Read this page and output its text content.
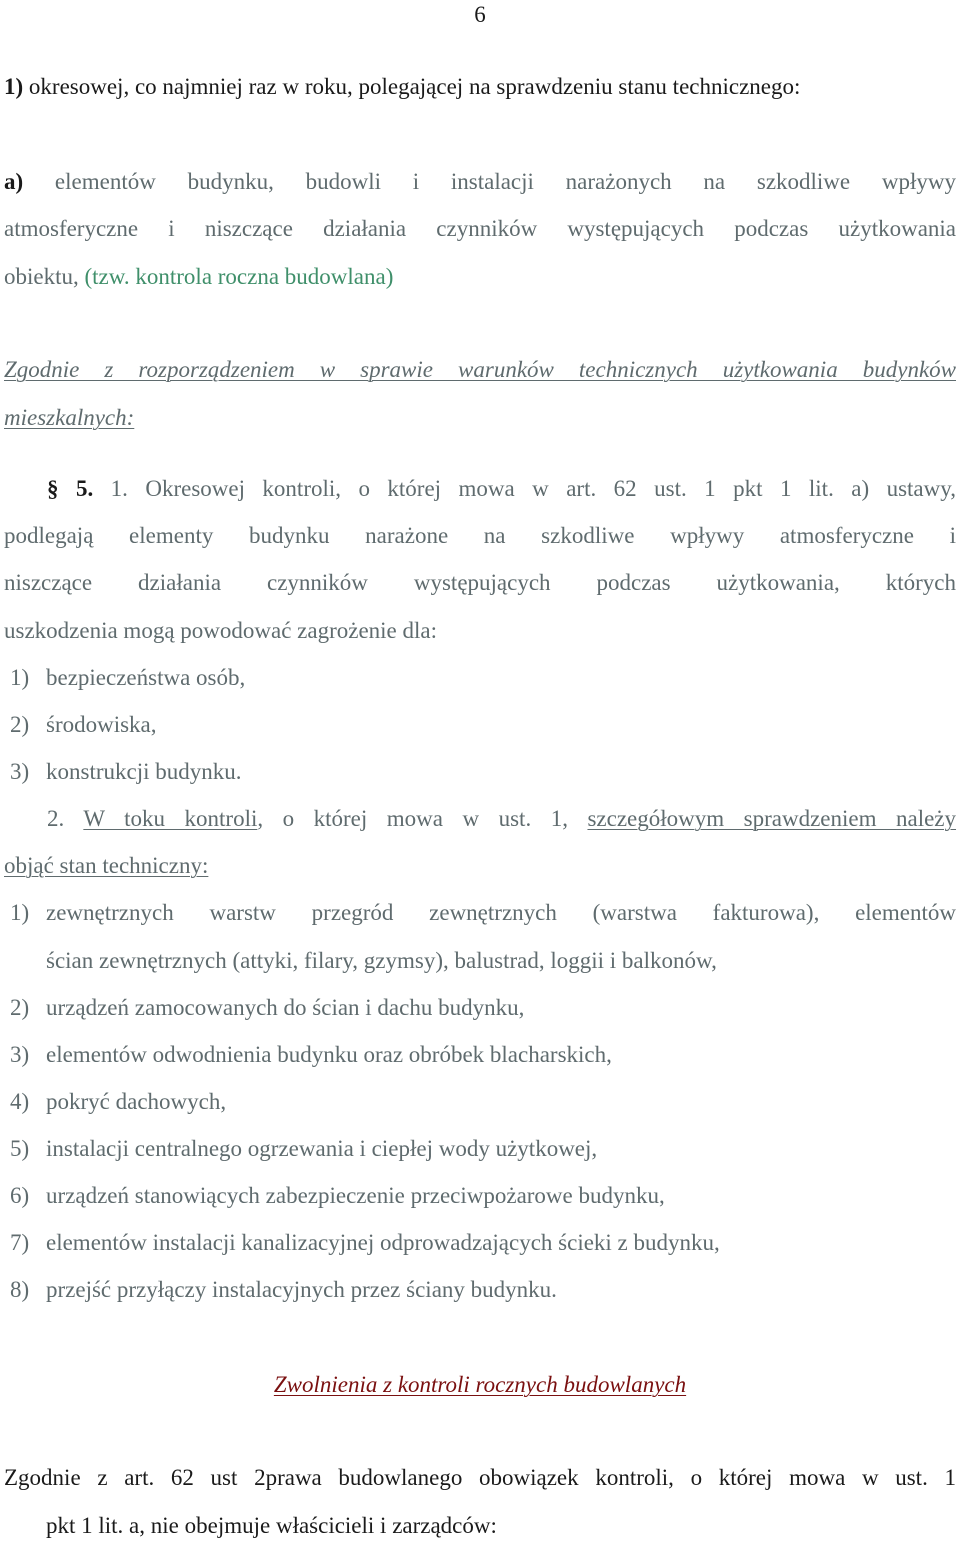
6
1) okresowej, co najmniej raz w roku, polegającej na sprawdzeniu stanu technicznego:
a) elementów budynku, budowli i instalacji narażonych na szkodliwe wpływy
atmosferyczne i niszczące działania czynników występujących podczas użytkowania
obiektu, (tzw. kontrola roczna budowlana)
Zgodnie z rozporządzeniem w sprawie warunków technicznych użytkowania budynków
mieszkalnych:
§ 5. 1. Okresowej kontroli, o której mowa w art. 62 ust. 1 pkt 1 lit. a) ustawy,
podlegają elementy budynku narażone na szkodliwe wpływy atmosferyczne i
niszczące działania czynników występujących podczas użytkowania, których
uszkodzenia mogą powodować zagrożenie dla:
1) bezpieczeństwa osób,
2) środowiska,
3) konstrukcji budynku.
2. W toku kontroli, o której mowa w ust. 1, szczegółowym sprawdzeniem należy
objąć stan techniczny:
1) zewnętrznych warstw przegród zewnętrznych (warstwa fakturowa), elementów
ścian zewnętrznych (attyki, filary, gzymsy), balustrad, loggii i balkonów,
2) urządzeń zamocowanych do ścian i dachu budynku,
3) elementów odwodnienia budynku oraz obróbek blacharskich,
4) pokryć dachowych,
5) instalacji centralnego ogrzewania i ciepłej wody użytkowej,
6) urządzeń stanowiących zabezpieczenie przeciwpożarowe budynku,
7) elementów instalacji kanalizacyjnej odprowadzających ścieki z budynku,
8) przejść przyłączy instalacyjnych przez ściany budynku.
Zwolnienia z kontroli rocznych budowlanych
Zgodnie z art. 62 ust 2prawa budowlanego obowiązek kontroli, o której mowa w ust. 1
pkt 1 lit. a, nie obejmuje właścicieli i zarządców:
